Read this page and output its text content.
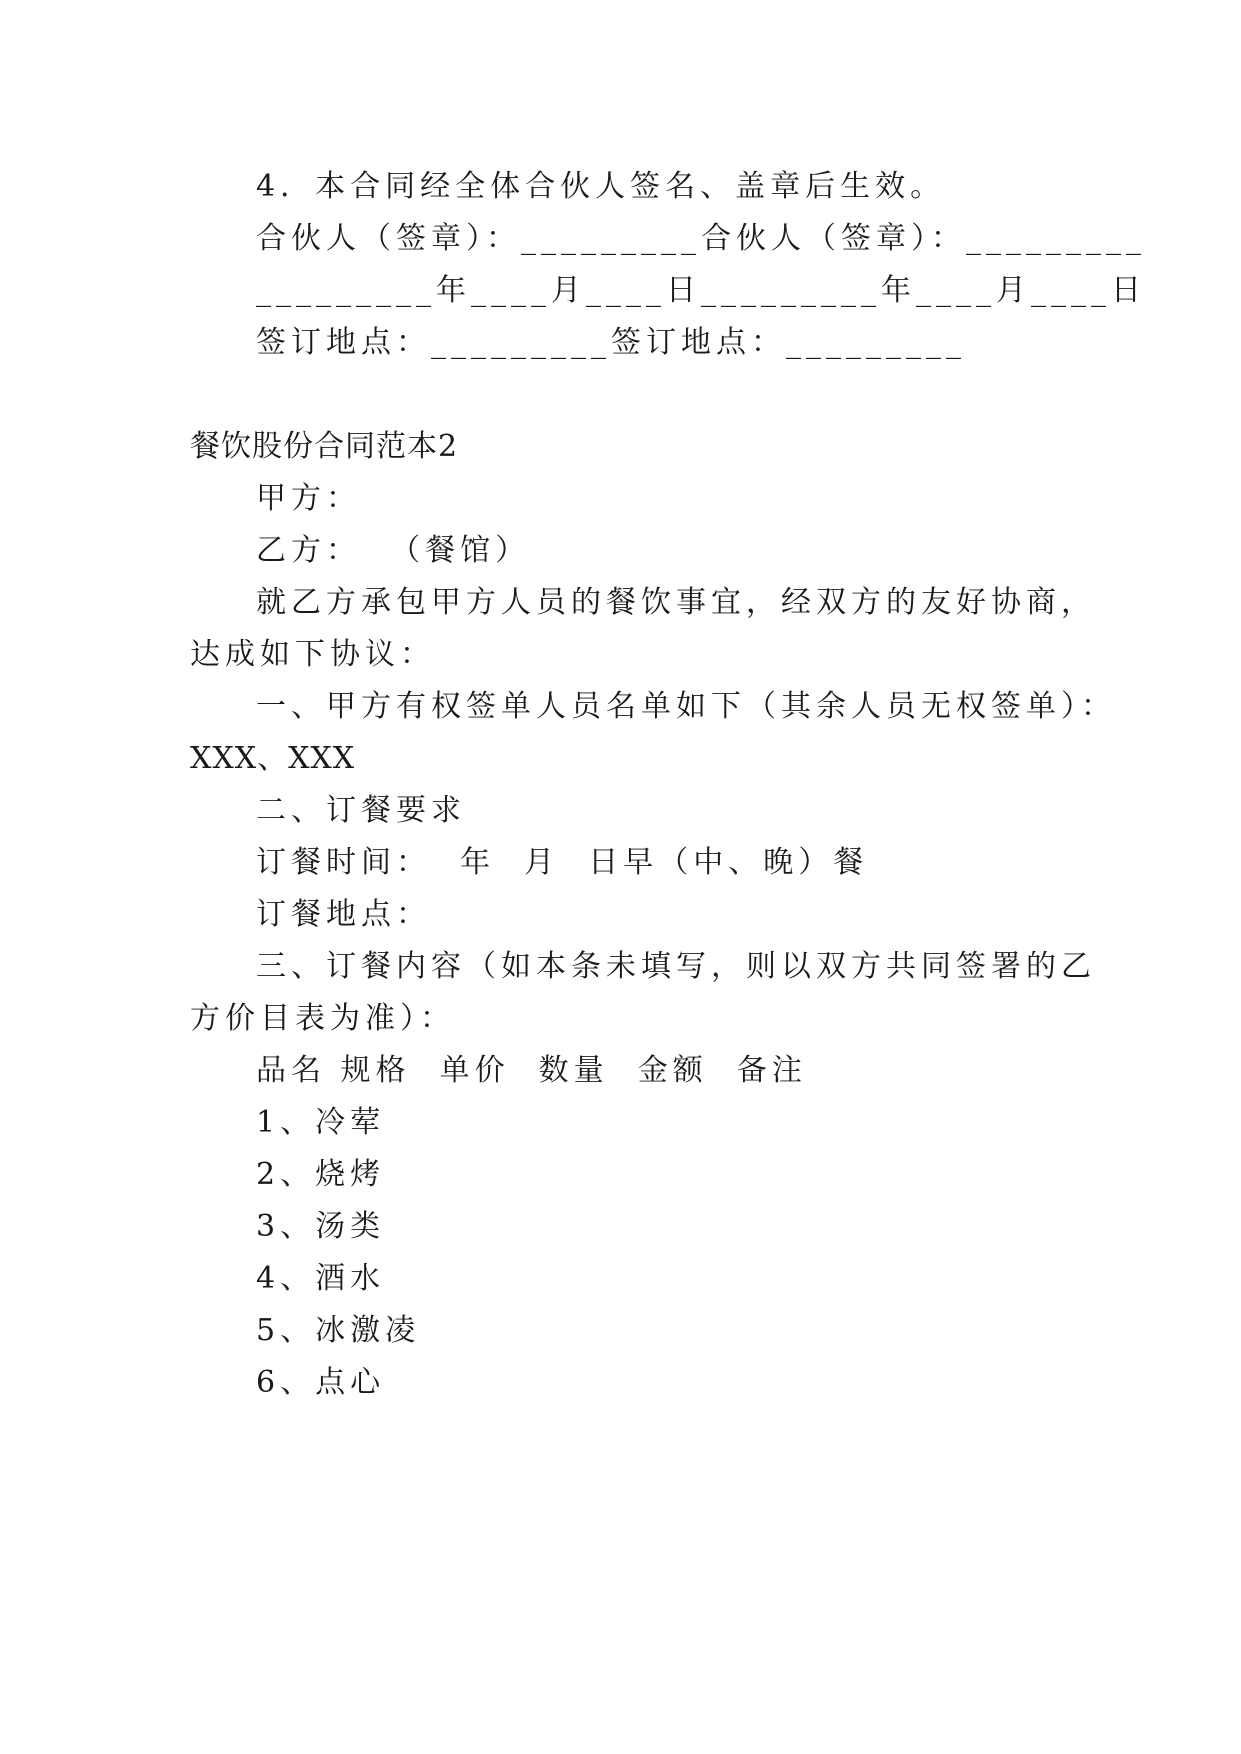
4．本合同经全体合伙人签名、盖章后生效。
合伙人（签章）：_________合伙人（签章）：_________
_________年____月____日_________年____月____日
签订地点：_________签订地点：_________
餐饮股份合同范本2
甲方：
乙方：  （餐馆）
就乙方承包甲方人员的餐饮事宜，经双方的友好协商，
达成如下协议：
一、甲方有权签单人员名单如下（其余人员无权签单）：
XXX、XXX
二、订餐要求
订餐时间：  年  月  日早（中、晚）餐
订餐地点：
三、订餐内容（如本条未填写，则以双方共同签署的乙
方价目表为准）：
品名 规格  单价  数量  金额  备注
1、冷荤
2、烧烤
3、汤类
4、酒水
5、冰激凌
6、点心
